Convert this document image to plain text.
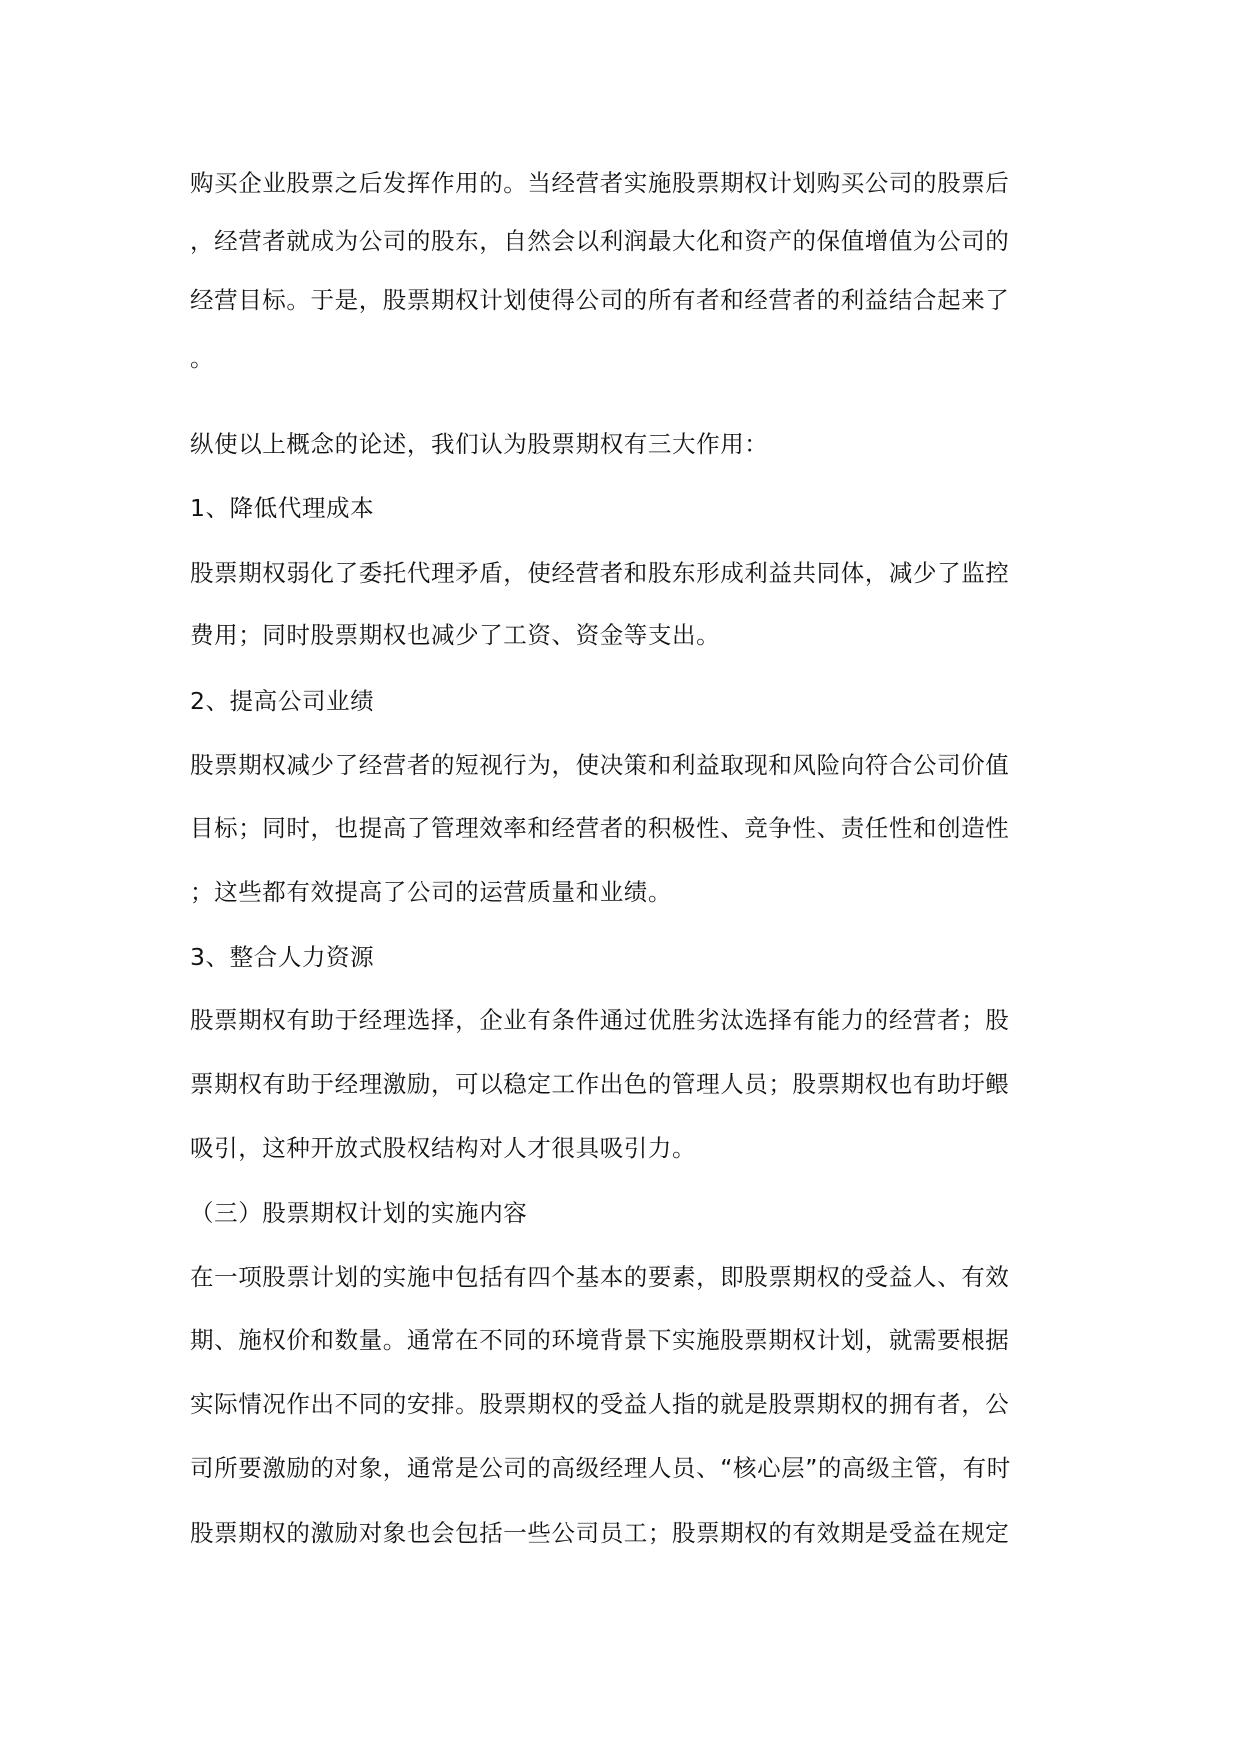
购买企业股票之后发挥作用的。当经营者实施股票期权计划购买公司的股票后
，经营者就成为公司的股东，自然会以利润最大化和资产的保值增值为公司的
经营目标。于是，股票期权计划使得公司的所有者和经营者的利益结合起来了
。
纵使以上概念的论述，我们认为股票期权有三大作用：
1、降低代理成本
股票期权弱化了委托代理矛盾，使经营者和股东形成利益共同体，减少了监控
费用；同时股票期权也减少了工资、资金等支出。
2、提高公司业绩
股票期权减少了经营者的短视行为，使决策和利益取现和风险向符合公司价值
目标；同时，也提高了管理效率和经营者的积极性、竞争性、责任性和创造性
；这些都有效提高了公司的运营质量和业绩。
3、整合人力资源
股票期权有助于经理选择，企业有条件通过优胜劣汰选择有能力的经营者；股
票期权有助于经理激励，可以稳定工作出色的管理人员；股票期权也有助圩鳂
吸引，这种开放式股权结构对人才很具吸引力。
（三）股票期权计划的实施内容
在一项股票计划的实施中包括有四个基本的要素，即股票期权的受益人、有效
期、施权价和数量。通常在不同的环境背景下实施股票期权计划，就需要根据
实际情况作出不同的安排。股票期权的受益人指的就是股票期权的拥有者，公
司所要激励的对象，通常是公司的高级经理人员、“核心层”的高级主管，有时
股票期权的激励对象也会包括一些公司员工；股票期权的有效期是受益在规定
